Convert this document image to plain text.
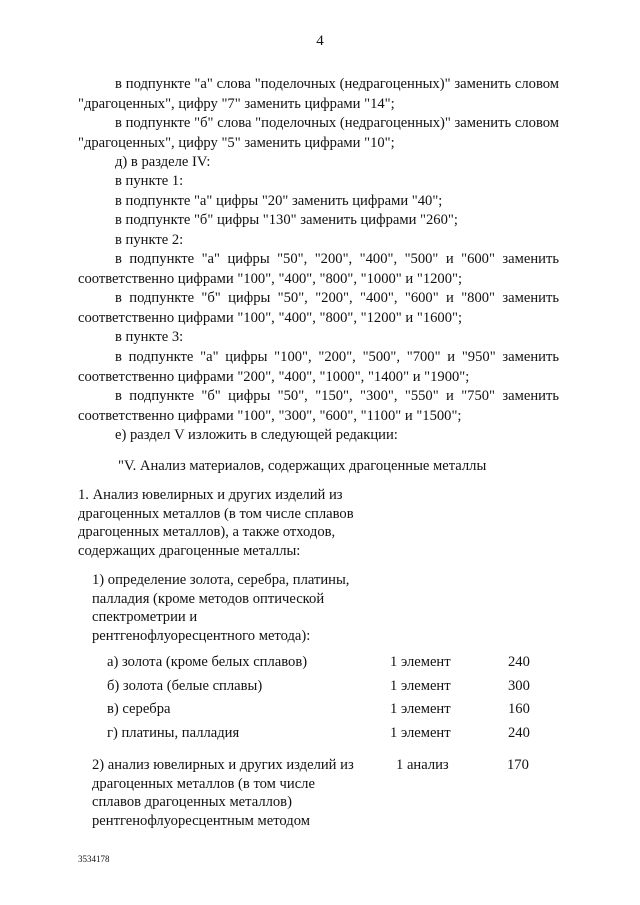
4
в подпункте "а" слова "поделочных (недрагоценных)" заменить словом "драгоценных", цифру "7" заменить цифрами "14";
в подпункте "б" слова "поделочных (недрагоценных)" заменить словом "драгоценных", цифру "5" заменить цифрами "10";
д) в разделе IV:
в пункте 1:
в подпункте "а" цифры "20" заменить цифрами "40";
в подпункте "б" цифры "130" заменить цифрами "260";
в пункте 2:
в подпункте "а" цифры "50", "200", "400", "500" и "600" заменить соответственно цифрами "100", "400", "800", "1000" и "1200";
в подпункте "б" цифры "50", "200", "400", "600" и "800" заменить соответственно цифрами "100", "400", "800", "1200" и "1600";
в пункте 3:
в подпункте "а" цифры "100", "200", "500", "700" и "950" заменить соответственно цифрами "200", "400", "1000", "1400" и "1900";
в подпункте "б" цифры "50", "150", "300", "550" и "750" заменить соответственно цифрами "100", "300", "600", "1100" и "1500";
е) раздел V изложить в следующей редакции:
"V. Анализ материалов, содержащих драгоценные металлы
1. Анализ ювелирных и других изделий из
драгоценных металлов (в том числе сплавов
драгоценных металлов), а также отходов,
содержащих драгоценные металлы:
1) определение золота, серебра, платины,
палладия (кроме методов оптической
спектрометрии и
рентгенофлуоресцентного метода):
а) золота (кроме белых сплавов)	1 элемент	240
б) золота (белые сплавы)	1 элемент	300
в) серебра	1 элемент	160
г) платины, палладия	1 элемент	240
2) анализ ювелирных и других изделий из
драгоценных металлов (в том числе
сплавов драгоценных металлов)
рентгенофлуоресцентным методом
1 анализ	170
3534178
